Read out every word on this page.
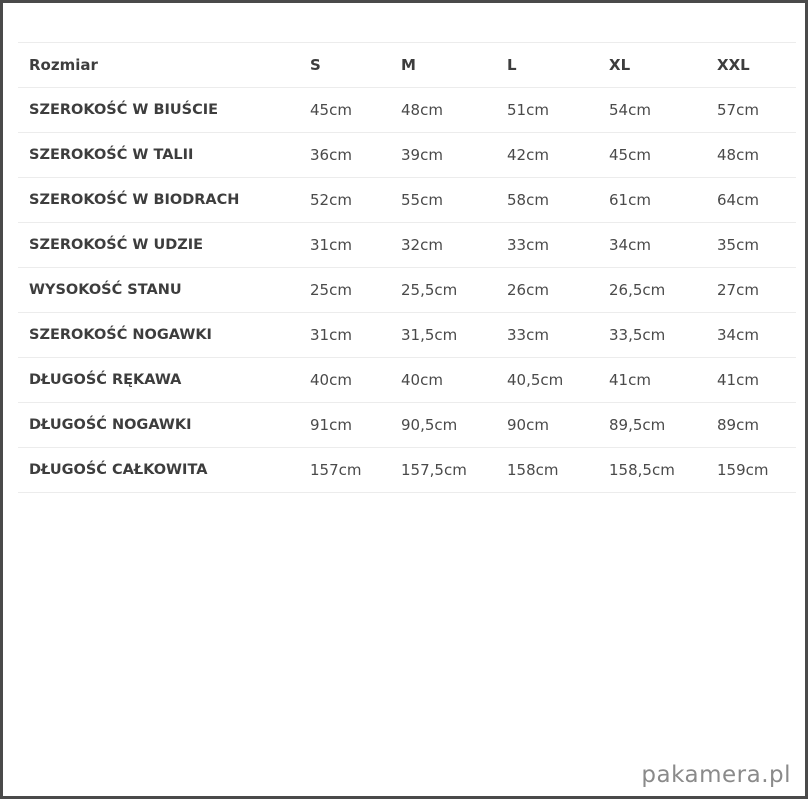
Rozmiar	S	M	L	XL	XXL
SZEROKOŚĆ W BIUŚCIE	45cm	48cm	51cm	54cm	57cm
SZEROKOŚĆ W TALII	36cm	39cm	42cm	45cm	48cm
SZEROKOŚĆ W BIODRACH	52cm	55cm	58cm	61cm	64cm
SZEROKOŚĆ W UDZIE	31cm	32cm	33cm	34cm	35cm
WYSOKOŚĆ STANU	25cm	25,5cm	26cm	26,5cm	27cm
SZEROKOŚĆ NOGAWKI	31cm	31,5cm	33cm	33,5cm	34cm
DŁUGOŚĆ RĘKAWA	40cm	40cm	40,5cm	41cm	41cm
DŁUGOŚĆ NOGAWKI	91cm	90,5cm	90cm	89,5cm	89cm
DŁUGOŚĆ CAŁKOWITA	157cm	157,5cm	158cm	158,5cm	159cm
pakamera.pl
